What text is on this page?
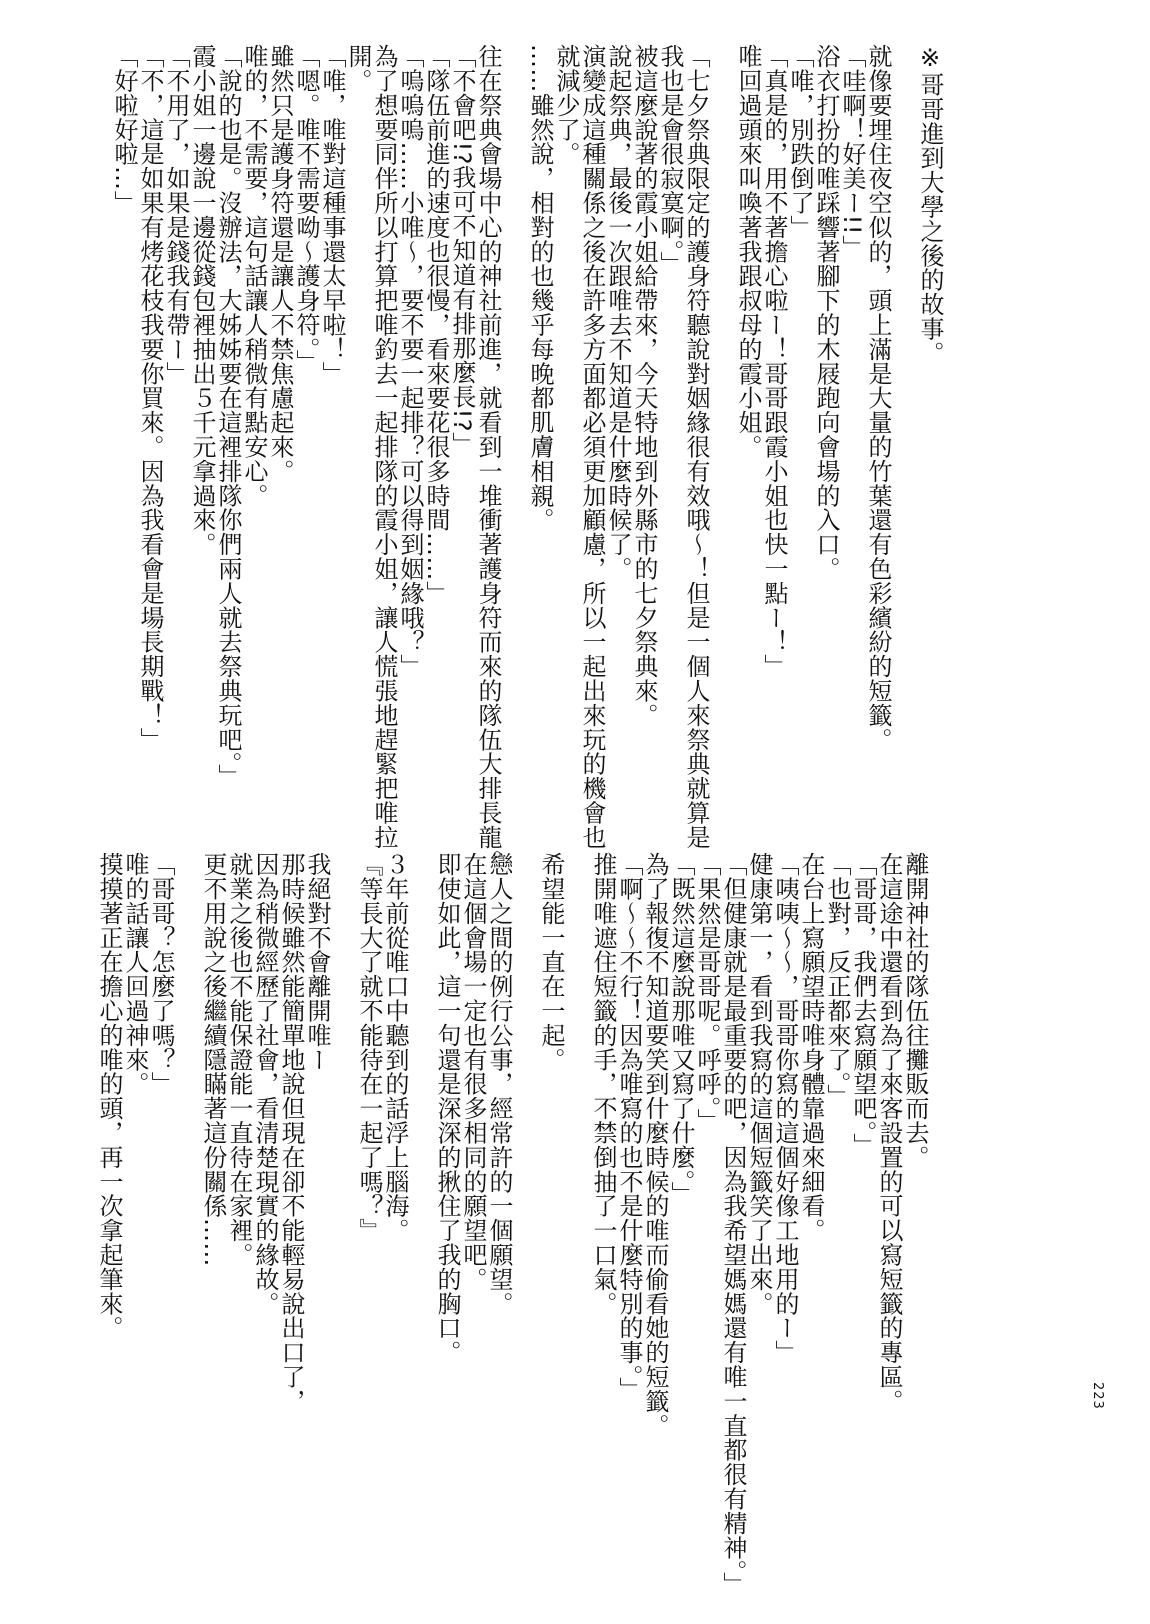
※哥哥進到大學之後的故事。
就像要埋住夜空似的，頭上滿是大量的竹葉還有色彩繽紛的短籤。
「哇啊！好美ー!!」
浴衣打扮的唯踩響著腳下的木屐跑向會場的入口。
「唯，別跌倒了」
「真是的，用不著擔心啦ー！哥哥跟霞小姐也快一點ー！」
唯回過頭來叫喚著我跟叔母的霞小姐。
「七夕祭典限定的護身符聽說對姻緣很有效哦～！但是一個人來祭典就算是
我也是會很寂寞啊。」
被這麼說著的霞小姐給帶來，今天特地到外縣市的七夕祭典來。
說起祭典，最後一次跟唯去不知道是什麼時候了。
演變成這種關係之後在許多方面都必須更加顧慮，所以一起出來玩的機會也
就減少了。
……雖然說，相對的也幾乎每晚都肌膚相親。
往在祭典會場中心的神社前進，就看到一堆衝著護身符而來的隊伍大排長龍。
「不會吧!?我可不知道有排那麼長!?」
「隊伍前進的速度也很慢，看來要花很多時間……」
「嗚嗚嗚……小唯～，要不要一起排？可以得到姻緣哦？」
為了想要同伴所以打算把唯釣去一起排隊的霞小姐，讓人慌張地趕緊把唯拉
開。
「唯，唯對這種事還太早啦！」
「嗯。唯不需要呦～護身符。」
雖然只是護身符還是讓人不禁焦慮起來。
唯的，不需要，這句話讓人稍微有點安心。
「說的也是。沒辦法，大姊姊要在這裡排隊你們兩人就去祭典玩吧。」
霞小姐一邊說一邊從錢包裡抽出５千元拿過來。
「不用了，如果是錢我有帶ー」
「不，這是如果有烤花枝我要你買來。因為我看會是場長期戰！」
「好啦好啦…」
離開神社的隊伍往攤販而去。
在這途中還看到為了來客設置的可以寫短籤的專區。
「哥哥，我們去寫願望吧。」
「也對，反正都來了。」
在台上寫願望時唯身體靠過來細看。
「咦咦～～，哥哥你寫的這個好像工地用的ー」
健康第一，看到我寫的這個短籤笑了出來。
「但健康就是最重要的吧，因為我希望媽媽還有唯一直都很有精神。」
「果然是哥哥呢。呼呼。」
「既然這麼說那唯又寫了什麼。」
為了報復不知道要笑到什麼時候的唯而偷看她的短籤。
「啊～～不行！因為唯寫的也不是什麼特別的事。」
推開唯遮住短籤的手，不禁倒抽了一口氣。
希望能一直在一起。
戀人之間的例行公事，經常許的一個願望。
在這個會場一定也有很多相同的願望吧。
即使如此，這一句還是深深的揪住了我的胸口。
３年前從唯口中聽到的話浮上腦海。
『等長大了就不能待在一起了嗎？』
我絕對不會離開唯ー
那時候雖然能簡單地說但現在卻不能輕易說出口了，
因為稍微經歷了社會，看清楚現實的緣故。
就業之後也不能保證能一直待在家裡。
更不用說之後繼續隱瞞著這份關係……
「哥哥？怎麼了嗎？」
唯的話讓人回過神來。
摸摸著正在擔心的唯的頭，再一次拿起筆來。
223
